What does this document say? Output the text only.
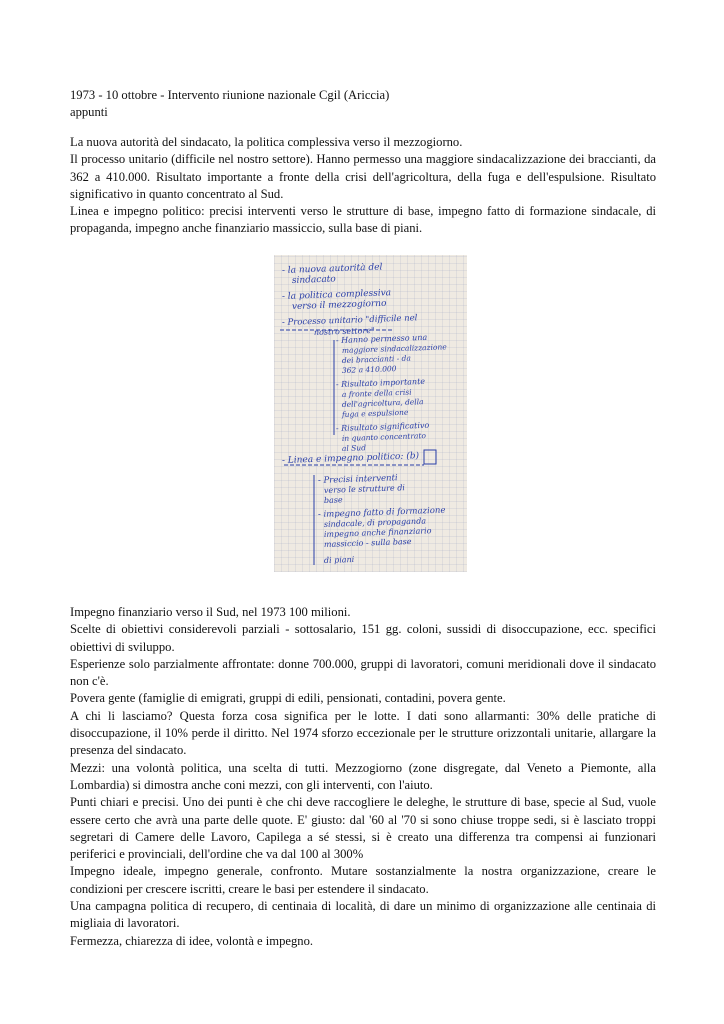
1973 - 10 ottobre - Intervento riunione nazionale Cgil (Ariccia)
appunti

La nuova autorità del sindacato, la politica complessiva verso il mezzogiorno.

Il processo unitario (difficile nel nostro settore). Hanno permesso una maggiore sindacalizzazione dei braccianti, da 362 a 410.000. Risultato importante a fronte della crisi dell'agricoltura, della fuga e dell'espulsione. Risultato significativo in quanto concentrato al Sud.

Linea e impegno politico: precisi interventi verso le strutture di base, impegno fatto di formazione sindacale, di propaganda, impegno anche finanziario massiccio, sulla base di piani.

- la nuova autorità del
sindacato
- la politica complessiva
verso il mezzogiorno
- Processo unitario "difficile nel
nostro settore"
- Hanno permesso una
maggiore sindacalizzazione
dei braccianti - da
362 a 410.000
- Risultato importante
a fronte della crisi
dell'agricoltura, della
fuga e espulsione
- Risultato significativo
in quanto concentrato
al Sud
- Linea e impegno politico: (b)
- Precisi interventi
verso le strutture di
base
- impegno fatto di formazione
sindacale, di propaganda
impegno anche finanziario
massiccio - sulla base
di piani

Impegno finanziario verso il Sud, nel 1973 100 milioni.

Scelte di obiettivi considerevoli parziali - sottosalario, 151 gg. coloni, sussidi di disoccupazione, ecc. specifici obiettivi di sviluppo.

Esperienze solo parzialmente affrontate: donne 700.000, gruppi di lavoratori, comuni meridionali dove il sindacato non c'è.

Povera gente (famiglie di emigrati, gruppi di edili, pensionati, contadini, povera gente.

A chi li lasciamo? Questa forza cosa significa per le lotte. I dati sono allarmanti: 30% delle pratiche di disoccupazione, il 10% perde il diritto. Nel 1974 sforzo eccezionale per le strutture orizzontali unitarie, allargare la presenza del sindacato.

Mezzi: una volontà politica, una scelta di tutti. Mezzogiorno (zone disgregate, dal Veneto a Piemonte, alla Lombardia) si dimostra anche coni mezzi, con gli interventi, con l'aiuto.

Punti chiari e precisi. Uno dei punti è che chi deve raccogliere le deleghe, le strutture di base, specie al Sud, vuole essere certo che avrà una parte delle quote. E' giusto: dal '60 al '70 si sono chiuse troppe sedi, si è lasciato troppi segretari di Camere delle Lavoro, Capilega a sé stessi, si è creato una differenza tra compensi ai funzionari periferici e provinciali, dell'ordine che va dal 100 al 300%

Impegno ideale, impegno generale, confronto. Mutare sostanzialmente la nostra organizzazione, creare le condizioni per crescere iscritti, creare le basi per estendere il sindacato.

Una campagna politica di recupero, di centinaia di località, di dare un minimo di organizzazione alle centinaia di migliaia di lavoratori.

Fermezza, chiarezza di idee, volontà e impegno.
